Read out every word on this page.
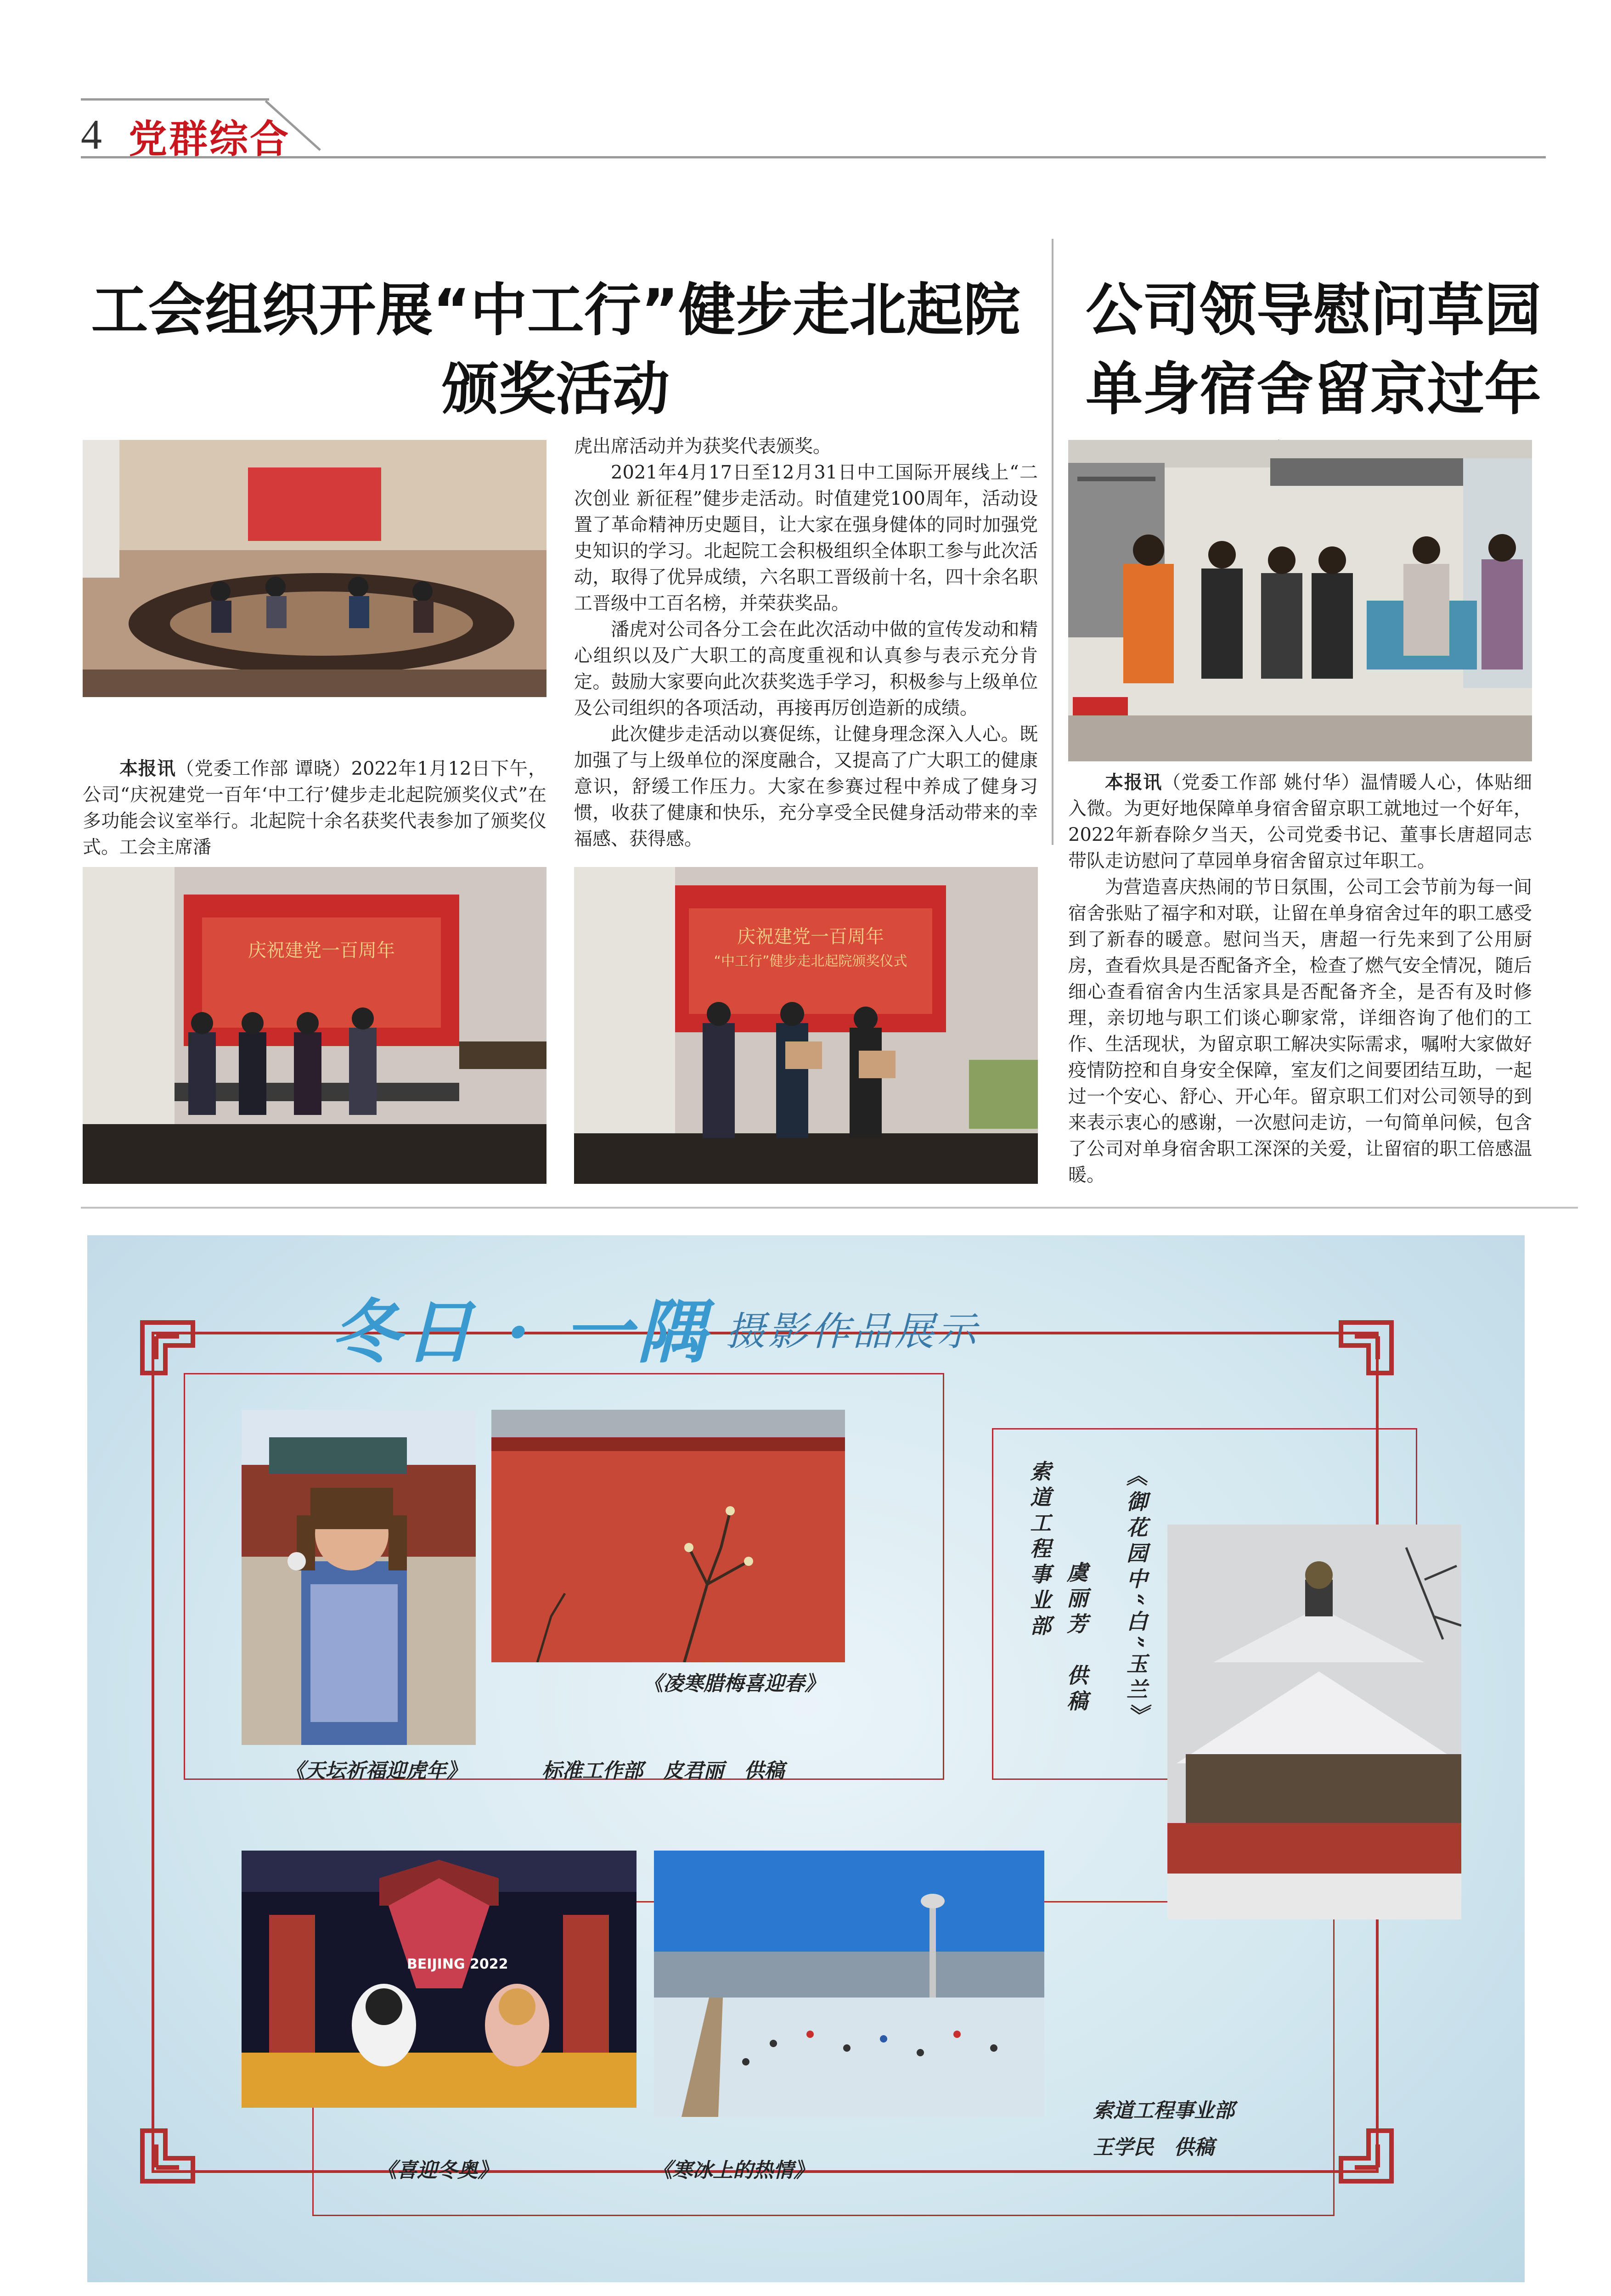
4 党群综合
工会组织开展“中工行”健步走北起院颁奖活动

本报讯（党委工作部 谭晓）2022年1月12日下午，公司“庆祝建党一百年‘中工行’健步走北起院颁奖仪式”在多功能会议室举行。北起院十余名获奖代表参加了颁奖仪式。工会主席潘

虎出席活动并为获奖代表颁奖。

2021年4月17日至12月31日中工国际开展线上“二次创业 新征程”健步走活动。时值建党100周年，活动设置了革命精神历史题目，让大家在强身健体的同时加强党史知识的学习。北起院工会积极组织全体职工参与此次活动，取得了优异成绩，六名职工晋级前十名，四十余名职工晋级中工百名榜，并荣获奖品。

潘虎对公司各分工会在此次活动中做的宣传发动和精心组织以及广大职工的高度重视和认真参与表示充分肯定。鼓励大家要向此次获奖选手学习，积极参与上级单位及公司组织的各项活动，再接再厉创造新的成绩。

此次健步走活动以赛促练，让健身理念深入人心。既加强了与上级单位的深度融合，又提高了广大职工的健康意识，舒缓工作压力。大家在参赛过程中养成了健身习惯，收获了健康和快乐，充分享受全民健身活动带来的幸福感、获得感。

庆祝建党一百周年
庆祝建党一百周年
“中工行”健步走北起院颁奖仪式
公司领导慰问草园单身宿舍留京过年

本报讯（党委工作部 姚付华）温情暖人心，体贴细入微。为更好地保障单身宿舍留京职工就地过一个好年，2022年新春除夕当天，公司党委书记、董事长唐超同志带队走访慰问了草园单身宿舍留京过年职工。

为营造喜庆热闹的节日氛围，公司工会节前为每一间宿舍张贴了福字和对联，让留在单身宿舍过年的职工感受到了新春的暖意。慰问当天，唐超一行先来到了公用厨房，查看炊具是否配备齐全，检查了燃气安全情况，随后细心查看宿舍内生活家具是否配备齐全，是否有及时修理，亲切地与职工们谈心聊家常，详细咨询了他们的工作、生活现状，为留京职工解决实际需求，嘱咐大家做好疫情防控和自身安全保障，室友们之间要团结互助，一起过一个安心、舒心、开心年。留京职工们对公司领导的到来表示衷心的感谢，一次慰问走访，一句简单问候，包含了公司对单身宿舍职工深深的关爱，让留宿的职工倍感温暖。

冬日 · 一隅 摄影作品展示
《凌寒腊梅喜迎春》
《天坛祈福迎虎年》	标准工作部　皮君丽　供稿
《御花园中“白”玉兰》
虞丽芳　供稿
索道工程事业部
BEIJING 2022
《喜迎冬奥》	《寒冰上的热情》
索道工程事业部
王学民　供稿
